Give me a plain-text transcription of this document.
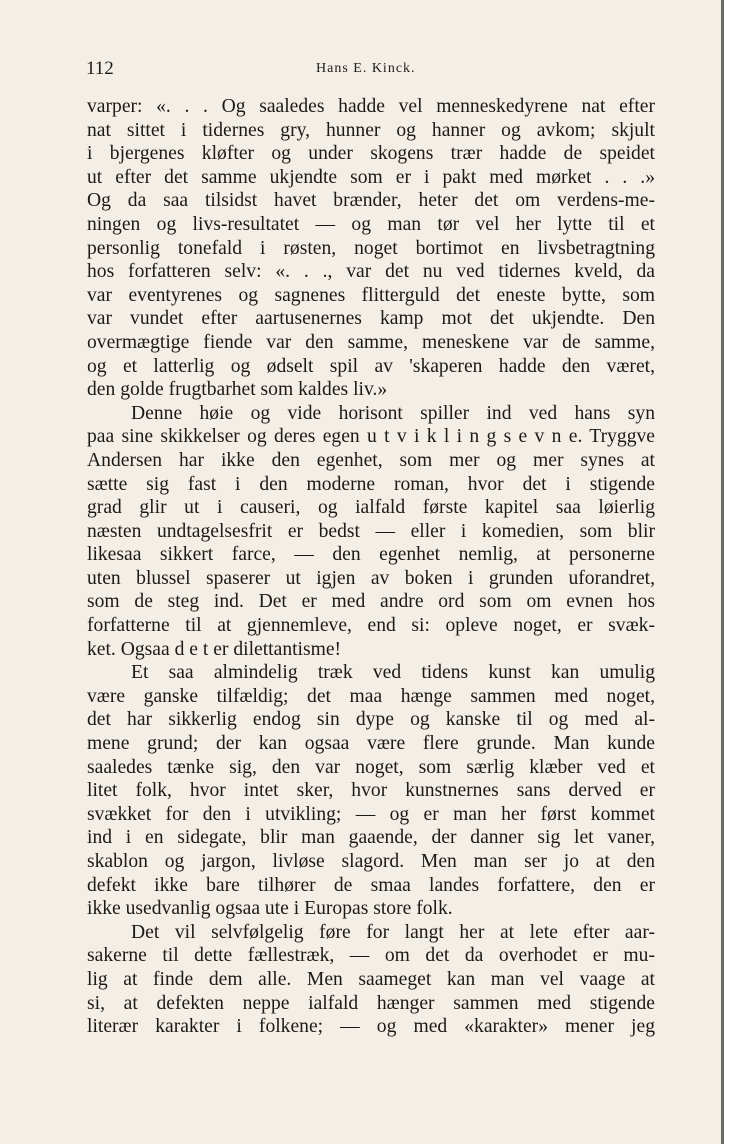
112	Hans E. Kinck.
varper: «. . . Og saaledes hadde vel menneskedyrene nat efter
nat sittet i tidernes gry, hunner og hanner og avkom; skjult
i bjergenes kløfter og under skogens trær hadde de speidet
ut efter det samme ukjendte som er i pakt med mørket . . .»
Og da saa tilsidst havet brænder, heter det om verdens-me-
ningen og livs-resultatet — og man tør vel her lytte til et
personlig tonefald i røsten, noget bortimot en livsbetragtning
hos forfatteren selv: «. . ., var det nu ved tidernes kveld, da
var eventyrenes og sagnenes flitterguld det eneste bytte, som
var vundet efter aartusenernes kamp mot det ukjendte. Den
overmægtige fiende var den samme, meneskene var de samme,
og et latterlig og ødselt spil av 'skaperen hadde den været,
den golde frugtbarhet som kaldes liv.»
Denne høie og vide horisont spiller ind ved hans syn
paa sine skikkelser og deres egen u t v i k l i n g s e v n e. Tryggve
Andersen har ikke den egenhet, som mer og mer synes at
sætte sig fast i den moderne roman, hvor det i stigende
grad glir ut i causeri, og ialfald første kapitel saa løierlig
næsten undtagelsesfrit er bedst — eller i komedien, som blir
likesaa sikkert farce, — den egenhet nemlig, at personerne
uten blussel spaserer ut igjen av boken i grunden uforandret,
som de steg ind. Det er med andre ord som om evnen hos
forfatterne til at gjennemleve, end si: opleve noget, er svæk-
ket. Ogsaa d e t er dilettantisme!
Et saa almindelig træk ved tidens kunst kan umulig
være ganske tilfældig; det maa hænge sammen med noget,
det har sikkerlig endog sin dype og kanske til og med al-
mene grund; der kan ogsaa være flere grunde. Man kunde
saaledes tænke sig, den var noget, som særlig klæber ved et
litet folk, hvor intet sker, hvor kunstnernes sans derved er
svækket for den i utvikling; — og er man her først kommet
ind i en sidegate, blir man gaaende, der danner sig let vaner,
skablon og jargon, livløse slagord. Men man ser jo at den
defekt ikke bare tilhører de smaa landes forfattere, den er
ikke usedvanlig ogsaa ute i Europas store folk.
Det vil selvfølgelig føre for langt her at lete efter aar-
sakerne til dette fællestræk, — om det da overhodet er mu-
lig at finde dem alle. Men saameget kan man vel vaage at
si, at defekten neppe ialfald hænger sammen med stigende
literær karakter i folkene; — og med «karakter» mener jeg
